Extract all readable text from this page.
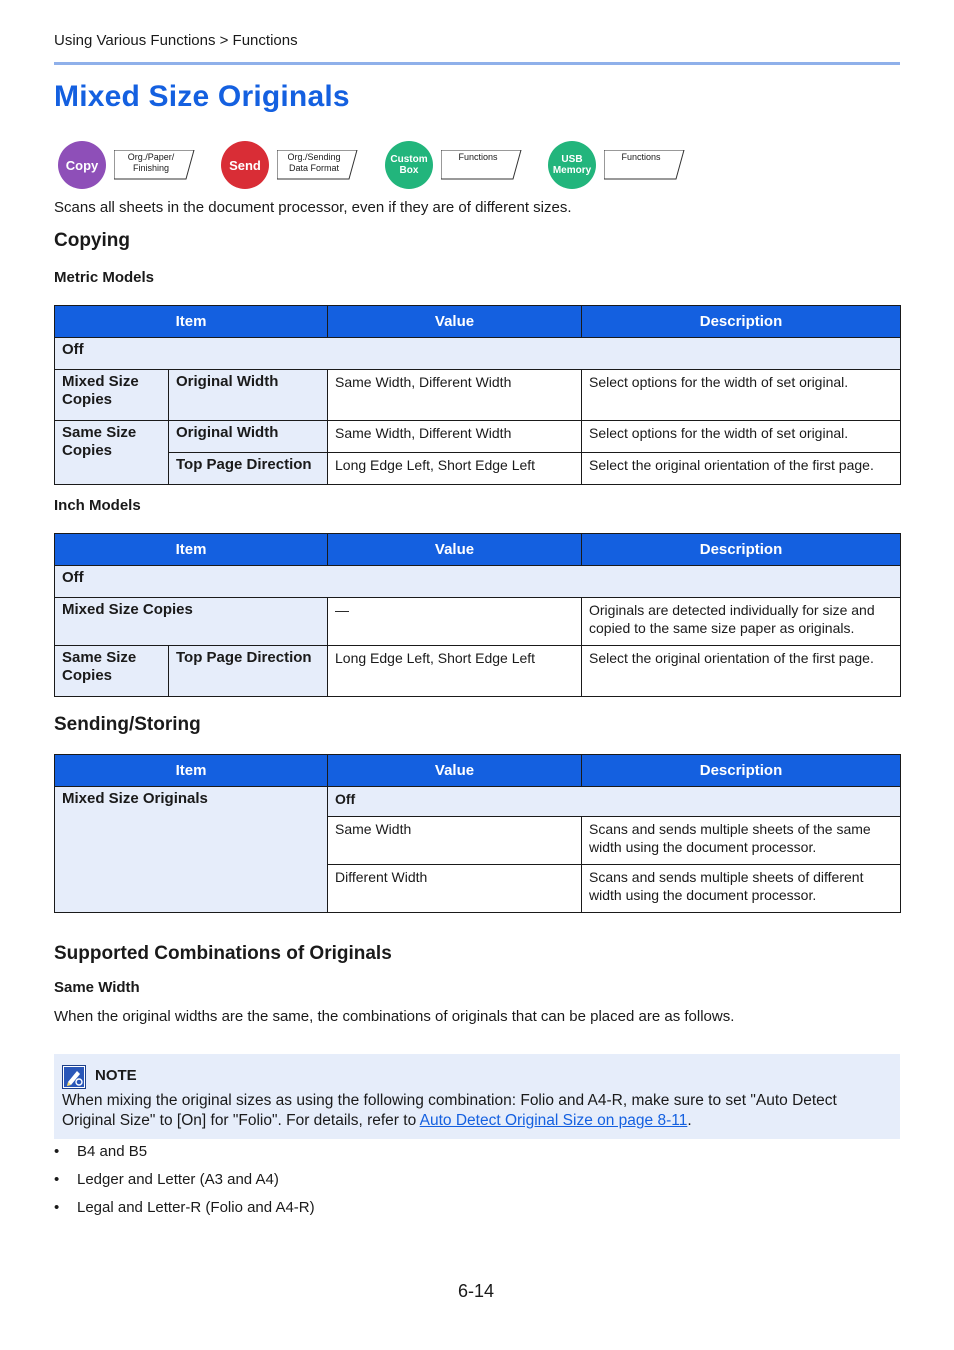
Using Various Functions > Functions
Mixed Size Originals
Copy
Org./Paper/
Finishing	Send
Org./Sending
Data Format
Custom
Box
Functions	USB
Memory
Functions
Scans all sheets in the document processor, even if they are of different sizes.
Copying
Metric Models
Item		Value	Description
Off			
Mixed Size Copies	Original Width	Same Width, Different Width	Select options for the width of set original.
Same Size Copies	Original Width	Same Width, Different Width	Select options for the width of set original.
	Top Page Direction	Long Edge Left, Short Edge Left	Select the original orientation of the first page.
Inch Models
Item		Value	Description
Off			
Mixed Size Copies		—	Originals are detected individually for size and copied to the same size paper as originals.
Same Size Copies	Top Page Direction	Long Edge Left, Short Edge Left	Select the original orientation of the first page.
Sending/Storing
Item	Value	Description
Mixed Size Originals	Off	
	Same Width	Scans and sends multiple sheets of the same width using the document processor.
	Different Width	Scans and sends multiple sheets of different width using the document processor.
Supported Combinations of Originals
Same Width
When the original widths are the same, the combinations of originals that can be placed are as follows.
NOTE
When mixing the original sizes as using the following combination: Folio and A4-R, make sure to set "Auto Detect Original Size" to [On] for "Folio". For details, refer to Auto Detect Original Size on page 8-11.
• B4 and B5
• Ledger and Letter (A3 and A4)
• Legal and Letter-R (Folio and A4-R)
6-14
